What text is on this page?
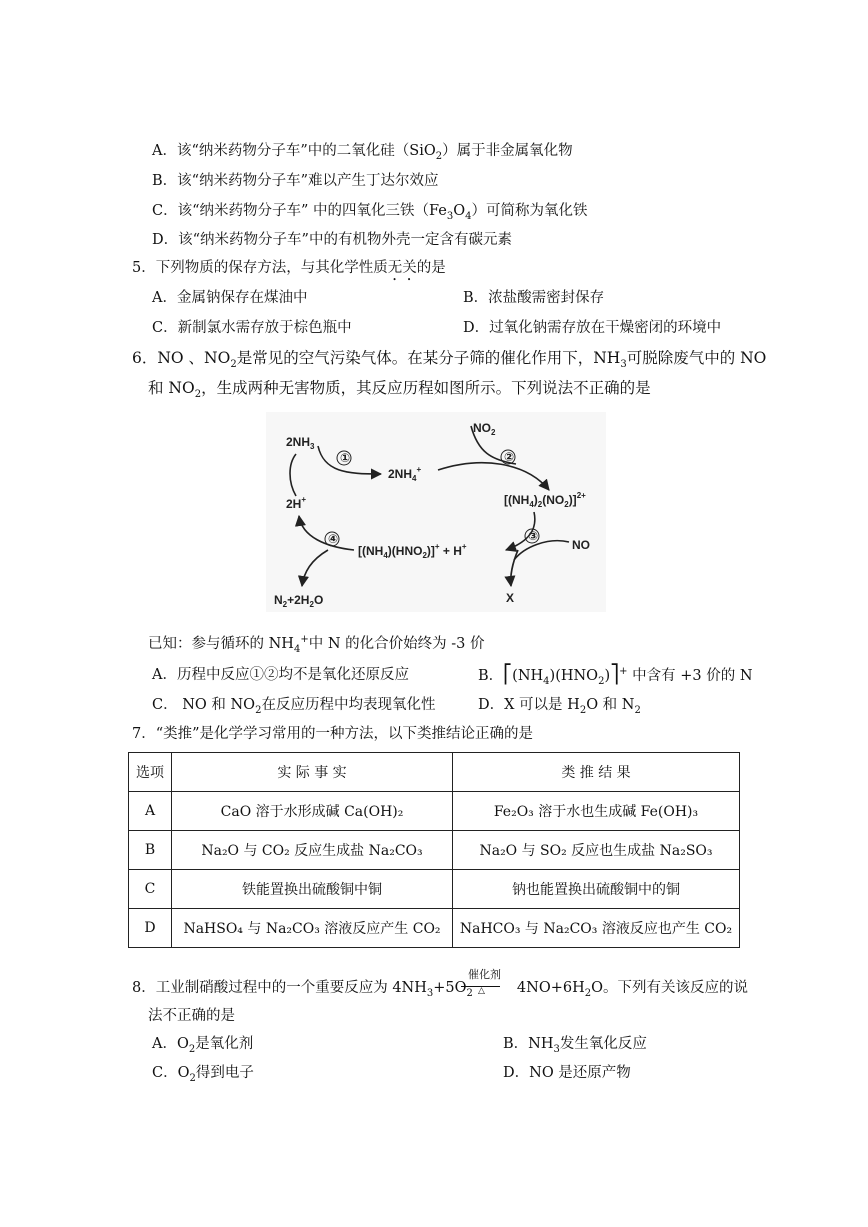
A．该“纳米药物分子车”中的二氧化硅（SiO$_2$）属于非金属氧化物
B．该“纳米药物分子车”难以产生丁达尔效应
C．该“纳米药物分子车” 中的四氧化三铁$(Fe_3O_4)$可简称为氧化铁
D．该“纳米药物分子车”中的有机物外壳一定含有碳元素
5．下列物质的保存方法，与其化学性质无关的是
A．金属钠保存在煤油中	B．浓盐酸需密封保存
C．新制氯水需存放于棕色瓶中	D．过氧化钠需存放在干燥密闭的环境中
6．NO 、$NO_2$是常见的空气污染气体。在某分子筛的催化作用下，$NH_3$可脱除废气中的 NO
和 $NO_2$，生成两种无害物质，其反应历程如图所示。下列说法不正确的是
$2NH_3$
①
$2NH_4^+$
$NO_2$
②
$[(NH_4)_2(NO_2)]^{2+}$
2H+
③
NO
X
$[(NH_4)(HNO_2)]^+ + H^+$
④
$N_2+2H_2O$
已知：参与循环的 $NH_4^+$中 N 的化合价始终为 -3 价
A．历程中反应①②均不是氧化还原反应	B．$⎡(NH_4)(HNO_2)⎤^+$ 中含有 +3 价的 N
C． NO 和 $NO_2$在反应历程中均表现氧化性	D．X 可以是 $H_2O$ 和 $N_2$
7．“类推”是化学学习常用的一种方法，以下类推结论正确的是
选项	实 际 事 实	类 推 结 果
A	CaO 溶于水形成碱 Ca(OH)₂	Fe₂O₃ 溶于水也生成碱 Fe(OH)₃
B	Na₂O 与 CO₂ 反应生成盐 Na₂CO₃	Na₂O 与 SO₂ 反应也生成盐 Na₂SO₃
C	铁能置换出硫酸铜中铜	钠也能置换出硫酸铜中的铜
D	NaHSO₄ 与 Na₂CO₃ 溶液反应产生 CO₂	NaHCO₃ 与 Na₂CO₃ 溶液反应也产生 CO₂
催化剂
△
8．工业制硝酸过程中的一个重要反应为 $4NH_3+5O_2$	$4NO+6H_2O$。下列有关该反应的说
法不正确的是
A．$O_2$是氧化剂	B．$NH_3$发生氧化反应
C．$O_2$得到电子	D．NO 是还原产物
